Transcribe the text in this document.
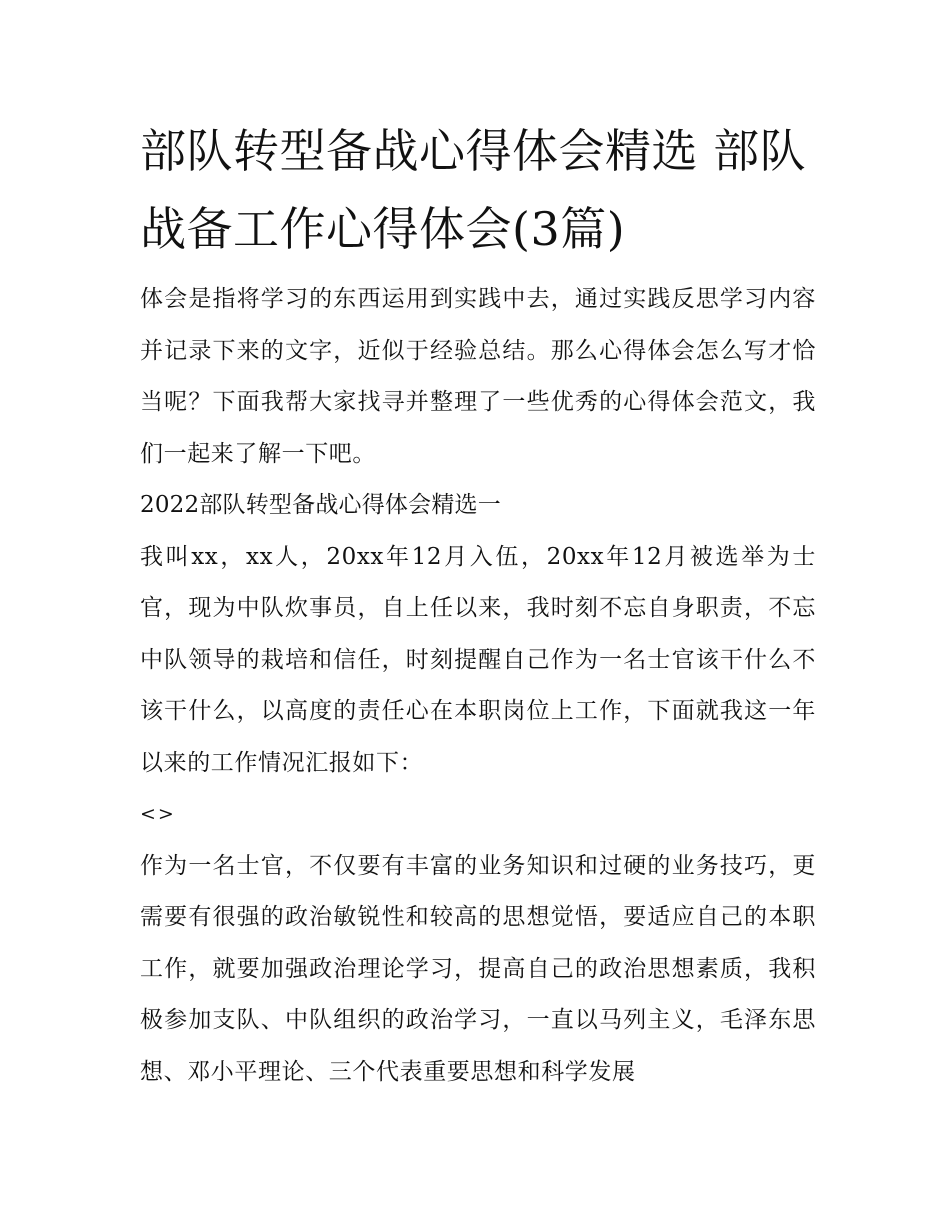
部队转型备战心得体会精选 部队战备工作心得体会(3篇)

体会是指将学习的东西运用到实践中去，通过实践反思学习内容并记录下来的文字，近似于经验总结。那么心得体会怎么写才恰当呢？下面我帮大家找寻并整理了一些优秀的心得体会范文，我们一起来了解一下吧。

2022部队转型备战心得体会精选一

我叫xx，xx人，20xx年12月入伍，20xx年12月被选举为士官，现为中队炊事员，自上任以来，我时刻不忘自身职责，不忘中队领导的栽培和信任，时刻提醒自己作为一名士官该干什么不该干什么，以高度的责任心在本职岗位上工作，下面就我这一年以来的工作情况汇报如下：

<>

作为一名士官，不仅要有丰富的业务知识和过硬的业务技巧，更需要有很强的政治敏锐性和较高的思想觉悟，要适应自己的本职工作，就要加强政治理论学习，提高自己的政治思想素质，我积极参加支队、中队组织的政治学习，一直以马列主义，毛泽东思想、邓小平理论、三个代表重要思想和科学发展
